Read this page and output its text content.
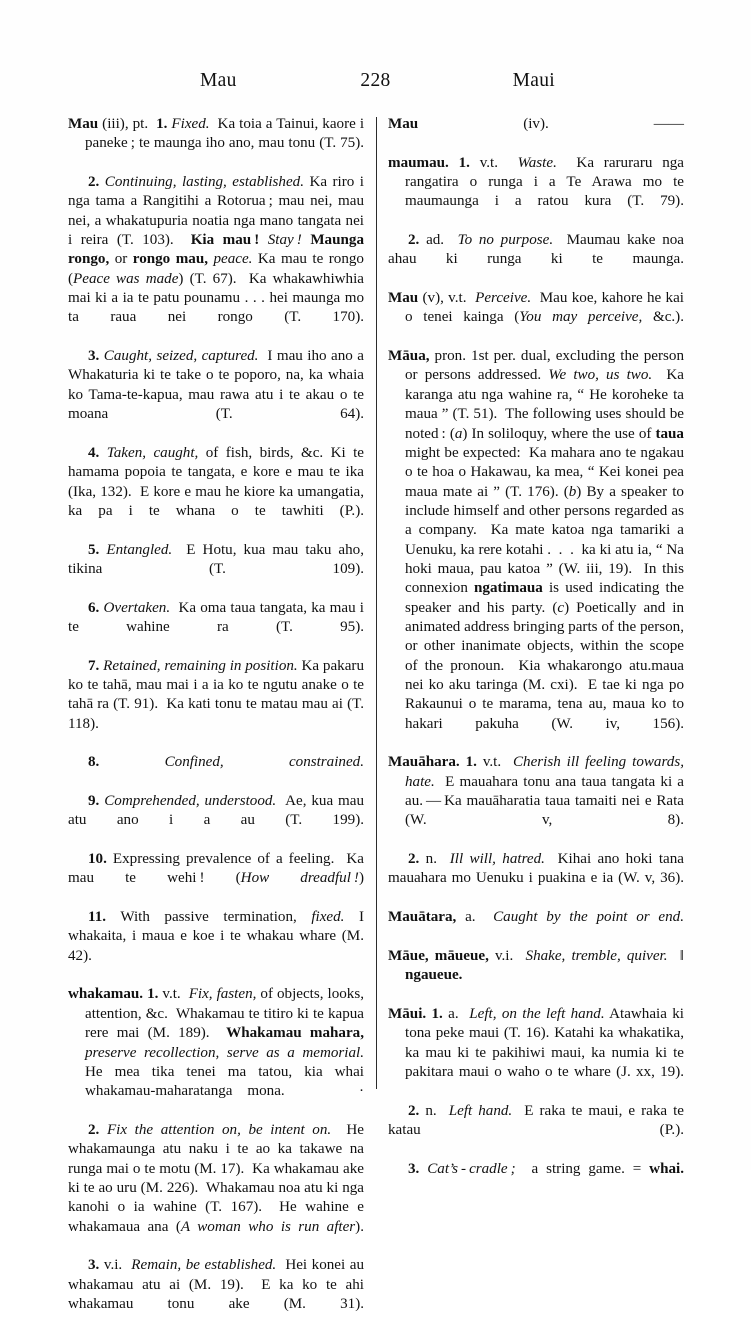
Mau	228	Maui

Mau (iii), pt.  1. Fixed.  Ka toia a Tainui, kaore i paneke ; te maunga iho ano, mau tonu (T. 75).

2. Continuing, lasting, established. Ka riro i nga tama a Rangitihi a Rotorua ; mau nei, mau nei, a whakatupuria noatia nga mano tangata nei i reira (T. 103).  Kia mau ! Stay ! Maunga rongo, or rongo mau, peace. Ka mau te rongo (Peace was made) (T. 67).  Ka whakawhiwhia mai ki a ia te patu pounamu . . . hei maunga mo ta raua nei rongo (T. 170).

3. Caught, seized, captured.  I mau iho ano a Whakaturia ki te take o te poporo, na, ka whaia ko Tama-te-kapua, mau rawa atu i te akau o te moana (T. 64).

4. Taken, caught, of fish, birds, &c. Ki te hamama popoia te tangata, e kore e mau te ika (Ika, 132).  E kore e mau he kiore ka umangatia, ka pa i te whana o te tawhiti (P.).

5. Entangled.  E Hotu, kua mau taku aho, tikina (T. 109).

6. Overtaken.  Ka oma taua tangata, ka mau i te wahine ra (T. 95).

7. Retained, remaining in position. Ka pakaru ko te tahā, mau mai i a ia ko te ngutu anake o te tahā ra (T. 91).  Ka kati tonu te matau mau ai (T. 118).

8.	Confined, constrained.

9. Comprehended, understood.  Ae, kua mau atu ano i a au (T. 199).

10. Expressing prevalence of a feeling.  Ka mau te wehi ! (How dreadful !)

11. With passive termination, fixed. I whakaita, i maua e koe i te whakau whare (M. 42).

whakamau. 1. v.t.  Fix, fasten, of objects, looks, attention, &c.  Whakamau te titiro ki te kapua rere mai (M. 189).  Whakamau mahara, preserve recollection, serve as a memorial. He mea tika tenei ma tatou, kia whai whakamau-maharatanga mona.     ·

2. Fix the attention on, be intent on.  He whakamaunga atu naku i te ao ka takawe na runga mai o te motu (M. 17).  Ka whakamau ake ki te ao uru (M. 226).  Whakamau noa atu ki nga kanohi o ia wahine (T. 167).  He wahine e whakamaua ana (A woman who is run after).

3. v.i.  Remain, be established.  Hei konei au whakamau atu ai (M. 19).  E ka ko te ahi whakamau tonu ake (M. 31).

Mau (iv). ——

maumau. 1. v.t.  Waste.  Ka raruraru nga rangatira o runga i a Te Arawa mo te maumaunga i a ratou kura (T. 79).

2. ad.  To no purpose.  Maumau kake noa ahau ki runga ki te maunga.

Mau (v), v.t.  Perceive.  Mau koe, kahore he kai o tenei kainga (You may perceive, &c.).

Māua, pron. 1st per. dual, excluding the person or persons addressed. We two, us two.  Ka karanga atu nga wahine ra, “ He koroheke ta maua ” (T. 51).  The following uses should be noted : (a) In soliloquy, where the use of taua might be expected:  Ka mahara ano te ngakau o te hoa o Hakawau, ka mea, “ Kei konei pea maua mate ai ” (T. 176). (b) By a speaker to include himself and other persons regarded as a company.  Ka mate katoa nga tamariki a Uenuku, ka rere kotahi .  .  .  ka ki atu ia, “ Na hoki maua, pau katoa ” (W. iii, 19).  In this connexion ngatimaua is used indicating the speaker and his party. (c) Poetically and in animated address bringing parts of the person, or other inanimate objects, within the scope of the pronoun.  Kia whakarongo atu.maua nei ko aku taringa (M. cxi).  E tae ki nga po Rakaunui o te marama, tena au, maua ko to hakari pakuha (W. iv, 156).

Mauāhara. 1. v.t.  Cherish ill feeling towards, hate.  E mauahara tonu ana taua tangata ki a au. — Ka mauāharatia taua tamaiti nei e Rata (W. v, 8).

2. n.  Ill will, hatred.  Kihai ano hoki tana mauahara mo Uenuku i puakina e ia (W. v, 36).

Mauātara, a.  Caught by the point or end.

Māue, māueue, v.i.  Shake, tremble, quiver.  ‖ ngaueue.

Māui. 1. a.  Left, on the left hand. Atawhaia ki tona peke maui (T. 16). Katahi ka whakatika, ka mau ki te pakihiwi maui, ka numia ki te pakitara maui o waho o te whare (J. xx, 19).

2. n.  Left hand.  E raka te maui, e raka te katau (P.).

3. Cat’s - cradle ;  a string game. = whai.
